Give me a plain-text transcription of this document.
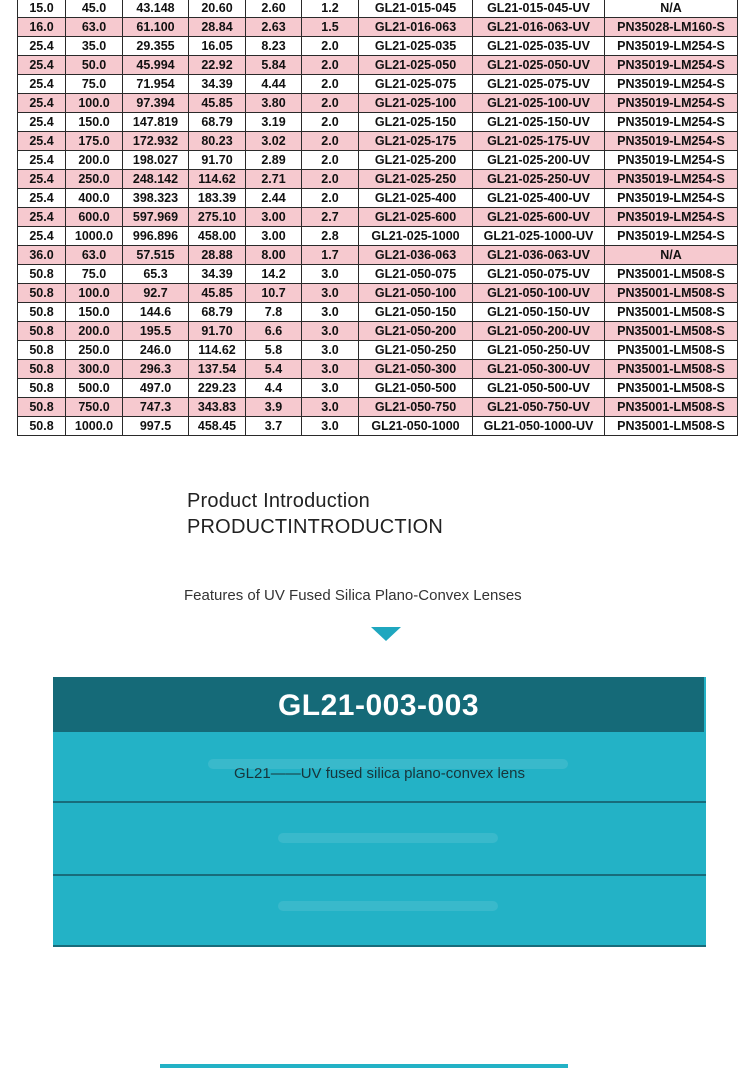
15.0	45.0	43.148	20.60	2.60	1.2	GL21-015-045	GL21-015-045-UV	N/A
16.0	63.0	61.100	28.84	2.63	1.5	GL21-016-063	GL21-016-063-UV	PN35028-LM160-S
25.4	35.0	29.355	16.05	8.23	2.0	GL21-025-035	GL21-025-035-UV	PN35019-LM254-S
25.4	50.0	45.994	22.92	5.84	2.0	GL21-025-050	GL21-025-050-UV	PN35019-LM254-S
25.4	75.0	71.954	34.39	4.44	2.0	GL21-025-075	GL21-025-075-UV	PN35019-LM254-S
25.4	100.0	97.394	45.85	3.80	2.0	GL21-025-100	GL21-025-100-UV	PN35019-LM254-S
25.4	150.0	147.819	68.79	3.19	2.0	GL21-025-150	GL21-025-150-UV	PN35019-LM254-S
25.4	175.0	172.932	80.23	3.02	2.0	GL21-025-175	GL21-025-175-UV	PN35019-LM254-S
25.4	200.0	198.027	91.70	2.89	2.0	GL21-025-200	GL21-025-200-UV	PN35019-LM254-S
25.4	250.0	248.142	114.62	2.71	2.0	GL21-025-250	GL21-025-250-UV	PN35019-LM254-S
25.4	400.0	398.323	183.39	2.44	2.0	GL21-025-400	GL21-025-400-UV	PN35019-LM254-S
25.4	600.0	597.969	275.10	3.00	2.7	GL21-025-600	GL21-025-600-UV	PN35019-LM254-S
25.4	1000.0	996.896	458.00	3.00	2.8	GL21-025-1000	GL21-025-1000-UV	PN35019-LM254-S
36.0	63.0	57.515	28.88	8.00	1.7	GL21-036-063	GL21-036-063-UV	N/A
50.8	75.0	65.3	34.39	14.2	3.0	GL21-050-075	GL21-050-075-UV	PN35001-LM508-S
50.8	100.0	92.7	45.85	10.7	3.0	GL21-050-100	GL21-050-100-UV	PN35001-LM508-S
50.8	150.0	144.6	68.79	7.8	3.0	GL21-050-150	GL21-050-150-UV	PN35001-LM508-S
50.8	200.0	195.5	91.70	6.6	3.0	GL21-050-200	GL21-050-200-UV	PN35001-LM508-S
50.8	250.0	246.0	114.62	5.8	3.0	GL21-050-250	GL21-050-250-UV	PN35001-LM508-S
50.8	300.0	296.3	137.54	5.4	3.0	GL21-050-300	GL21-050-300-UV	PN35001-LM508-S
50.8	500.0	497.0	229.23	4.4	3.0	GL21-050-500	GL21-050-500-UV	PN35001-LM508-S
50.8	750.0	747.3	343.83	3.9	3.0	GL21-050-750	GL21-050-750-UV	PN35001-LM508-S
50.8	1000.0	997.5	458.45	3.7	3.0	GL21-050-1000	GL21-050-1000-UV	PN35001-LM508-S
Product Introduction
PRODUCTINTRODUCTION
Features of UV Fused Silica Plano-Convex Lenses
GL21-003-003
GL21——UV fused silica plano-convex lens
